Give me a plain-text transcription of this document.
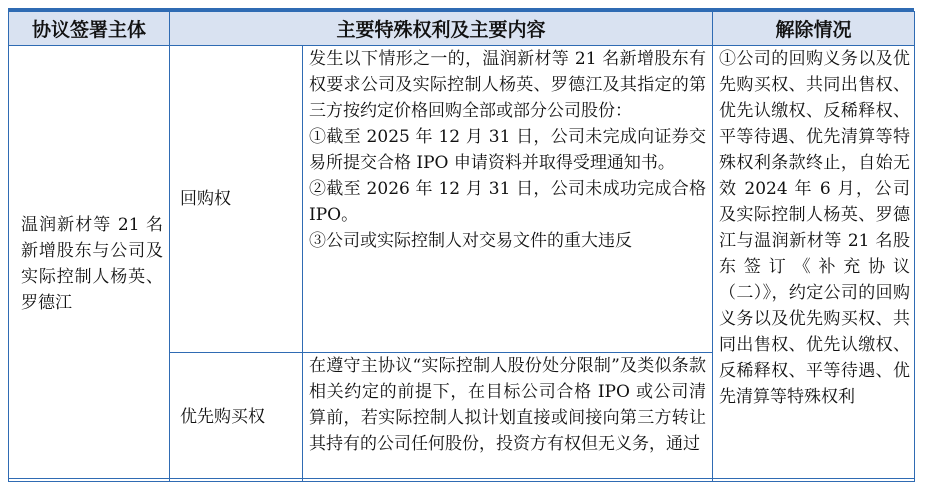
协议签署主体	主要特殊权利及主要内容		解除情况

温润新材等 21 名新增股东与公司及实际控制人杨英、罗德江	回购权	发生以下情形之一的，温润新材等 21 名新增股东有权要求公司及实际控制人杨英、罗德江及其指定的第三方按约定价格回购全部或部分公司股份：

①截至 2025 年 12 月 31 日，公司未完成向证券交易所提交合格 IPO 申请资料并取得受理通知书。

②截至 2026 年 12 月 31 日，公司未成功完成合格 IPO。

③公司或实际控制人对交易文件的重大违反	①公司的回购义务以及优先购买权、共同出售权、优先认缴权、反稀释权、平等待遇、优先清算等特殊权利条款终止，自始无效 2024 年 6 月，公司及实际控制人杨英、罗德江与温润新材等 21 名股东签订《补充协议（二）》，约定公司的回购义务以及优先购买权、共同出售权、优先认缴权、反稀释权、平等待遇、优先清算等特殊权利

	优先购买权	在遵守主协议“实际控制人股份处分限制”及类似条款相关约定的前提下，在目标公司合格 IPO 或公司清算前，若实际控制人拟计划直接或间接向第三方转让其持有的公司任何股份，投资方有权但无义务，通过	
